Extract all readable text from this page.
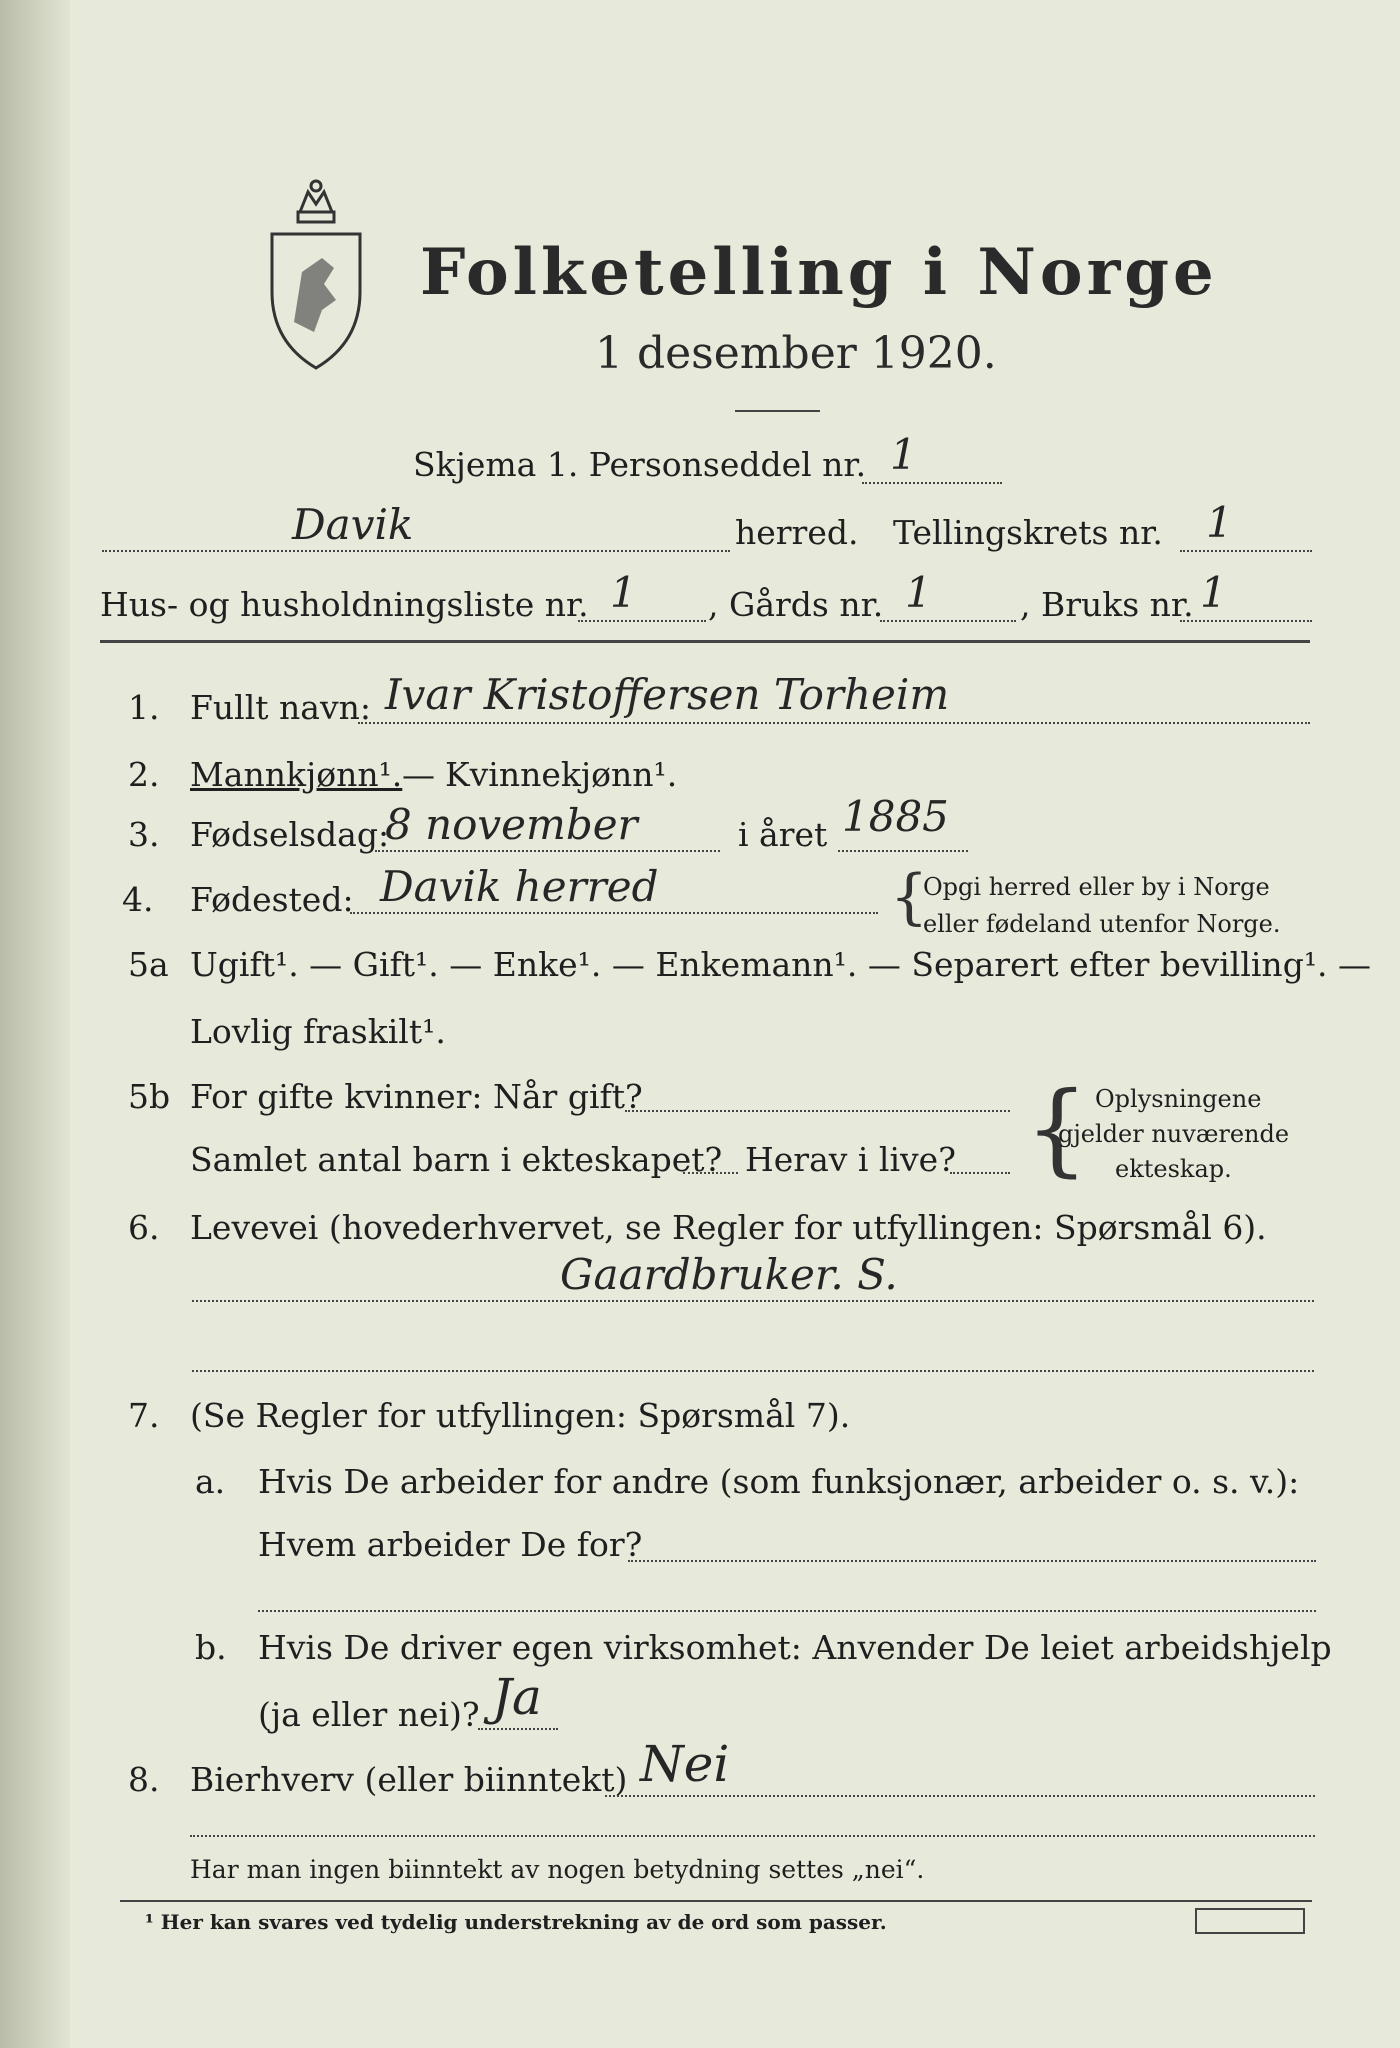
Folketelling i Norge
1 desember 1920.
Skjema 1. Personseddel nr. 1
Davik	herred. Tellingskrets nr. 1
Hus- og husholdningsliste nr. 1 , Gårds nr. 1	, Bruks nr. 1
1. Fullt navn: Ivar Kristoffersen Torheim
2. Mannkjønn¹. — Kvinnekjønn¹.
3. Fødselsdag:
8 november	i året 1885
4. Fødested: Davik herred	{
Opgi herred eller by i Norge
eller fødeland utenfor Norge.
5a Ugift¹. — Gift¹. — Enke¹. — Enkemann¹. — Separert efter bevilling¹. —
Lovlig fraskilt¹.
5b For gifte kvinner: Når gift?
Samlet antal barn i ekteskapet? Herav i live? { Oplysningene
gjelder nuværende
ekteskap.
6. Levevei (hovederhvervet, se Regler for utfyllingen: Spørsmål 6).
Gaardbruker. S.
7. (Se Regler for utfyllingen: Spørsmål 7).
a. Hvis De arbeider for andre (som funksjonær, arbeider o. s. v.):
Hvem arbeider De for?
b. Hvis De driver egen virksomhet: Anvender De leiet arbeidshjelp
(ja eller nei)? Ja
8. Bierhverv (eller biinntekt) Nei
Har man ingen biinntekt av nogen betydning settes „nei“.
¹ Her kan svares ved tydelig understrekning av de ord som passer.
